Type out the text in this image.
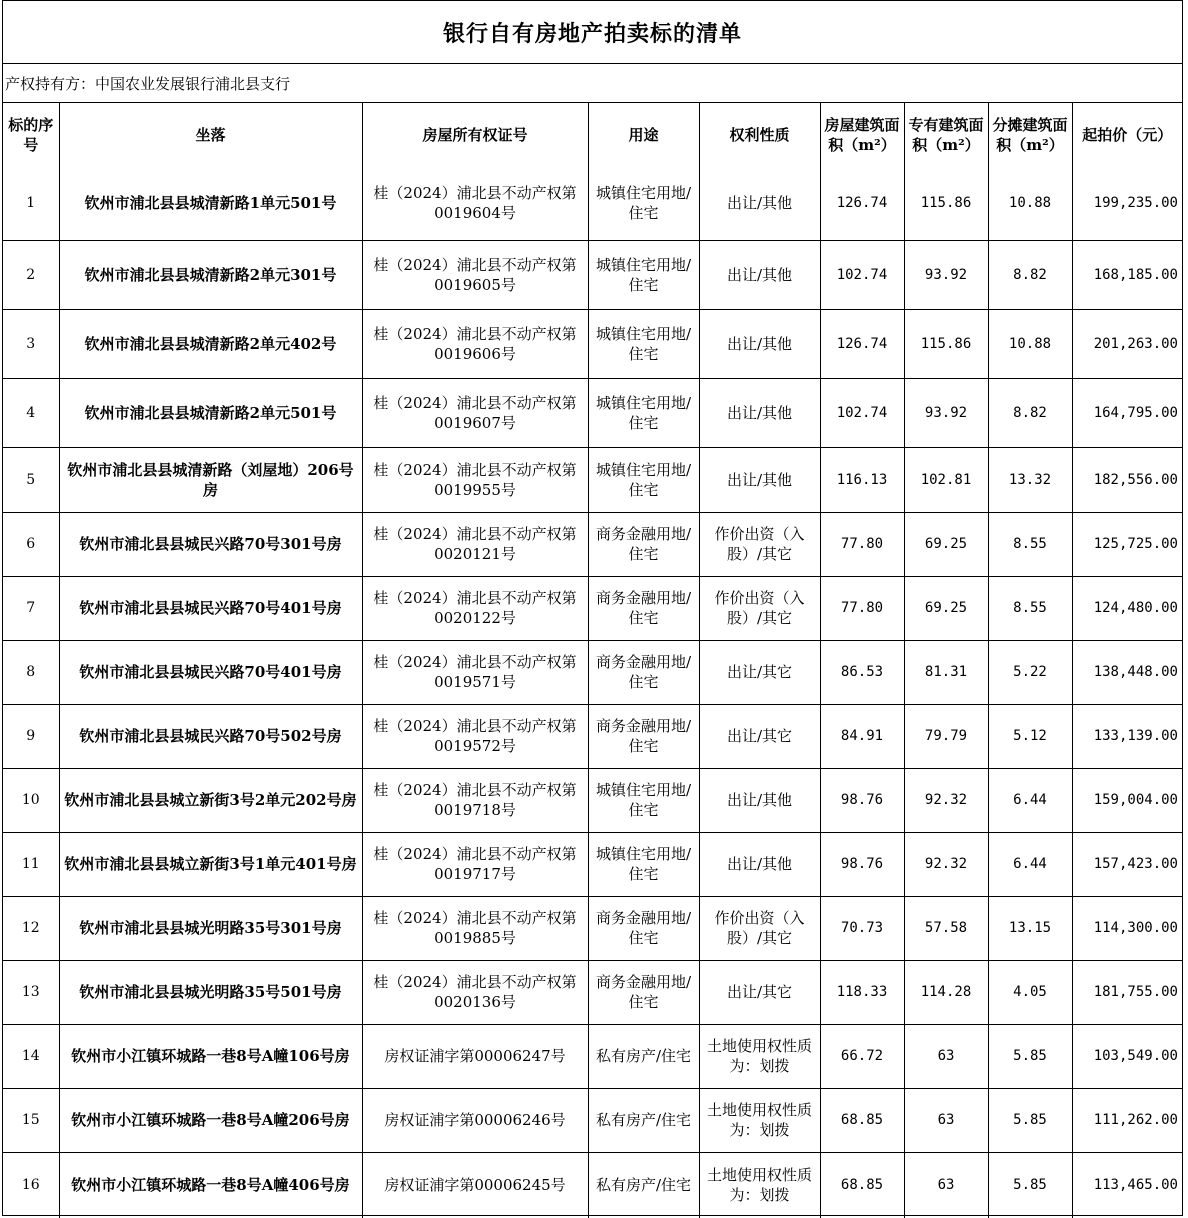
银行自有房地产拍卖标的清单
产权持有方：中国农业发展银行浦北县支行
标的序号	坐落	房屋所有权证号	用途	权利性质	房屋建筑面积（m²）	专有建筑面积（m²）	分摊建筑面积（m²）	起拍价（元）
1	钦州市浦北县县城清新路1单元501号	桂（2024）浦北县不动产权第0019604号	城镇住宅用地/住宅	出让/其他	126.74	115.86	10.88	199,235.00
2	钦州市浦北县县城清新路2单元301号	桂（2024）浦北县不动产权第0019605号	城镇住宅用地/住宅	出让/其他	102.74	93.92	8.82	168,185.00
3	钦州市浦北县县城清新路2单元402号	桂（2024）浦北县不动产权第0019606号	城镇住宅用地/住宅	出让/其他	126.74	115.86	10.88	201,263.00
4	钦州市浦北县县城清新路2单元501号	桂（2024）浦北县不动产权第0019607号	城镇住宅用地/住宅	出让/其他	102.74	93.92	8.82	164,795.00
5	钦州市浦北县县城清新路（刘屋地）206号房	桂（2024）浦北县不动产权第0019955号	城镇住宅用地/住宅	出让/其他	116.13	102.81	13.32	182,556.00
6	钦州市浦北县县城民兴路70号301号房	桂（2024）浦北县不动产权第0020121号	商务金融用地/住宅	作价出资（入股）/其它	77.80	69.25	8.55	125,725.00
7	钦州市浦北县县城民兴路70号401号房	桂（2024）浦北县不动产权第0020122号	商务金融用地/住宅	作价出资（入股）/其它	77.80	69.25	8.55	124,480.00
8	钦州市浦北县县城民兴路70号401号房	桂（2024）浦北县不动产权第0019571号	商务金融用地/住宅	出让/其它	86.53	81.31	5.22	138,448.00
9	钦州市浦北县县城民兴路70号502号房	桂（2024）浦北县不动产权第0019572号	商务金融用地/住宅	出让/其它	84.91	79.79	5.12	133,139.00
10	钦州市浦北县县城立新街3号2单元202号房	桂（2024）浦北县不动产权第0019718号	城镇住宅用地/住宅	出让/其他	98.76	92.32	6.44	159,004.00
11	钦州市浦北县县城立新街3号1单元401号房	桂（2024）浦北县不动产权第0019717号	城镇住宅用地/住宅	出让/其他	98.76	92.32	6.44	157,423.00
12	钦州市浦北县县城光明路35号301号房	桂（2024）浦北县不动产权第0019885号	商务金融用地/住宅	作价出资（入股）/其它	70.73	57.58	13.15	114,300.00
13	钦州市浦北县县城光明路35号501号房	桂（2024）浦北县不动产权第0020136号	商务金融用地/住宅	出让/其它	118.33	114.28	4.05	181,755.00
14	钦州市小江镇环城路一巷8号A幢106号房	房权证浦字第00006247号	私有房产/住宅	土地使用权性质为：划拨	66.72	63	5.85	103,549.00
15	钦州市小江镇环城路一巷8号A幢206号房	房权证浦字第00006246号	私有房产/住宅	土地使用权性质为：划拨	68.85	63	5.85	111,262.00
16	钦州市小江镇环城路一巷8号A幢406号房	房权证浦字第00006245号	私有房产/住宅	土地使用权性质为：划拨	68.85	63	5.85	113,465.00
